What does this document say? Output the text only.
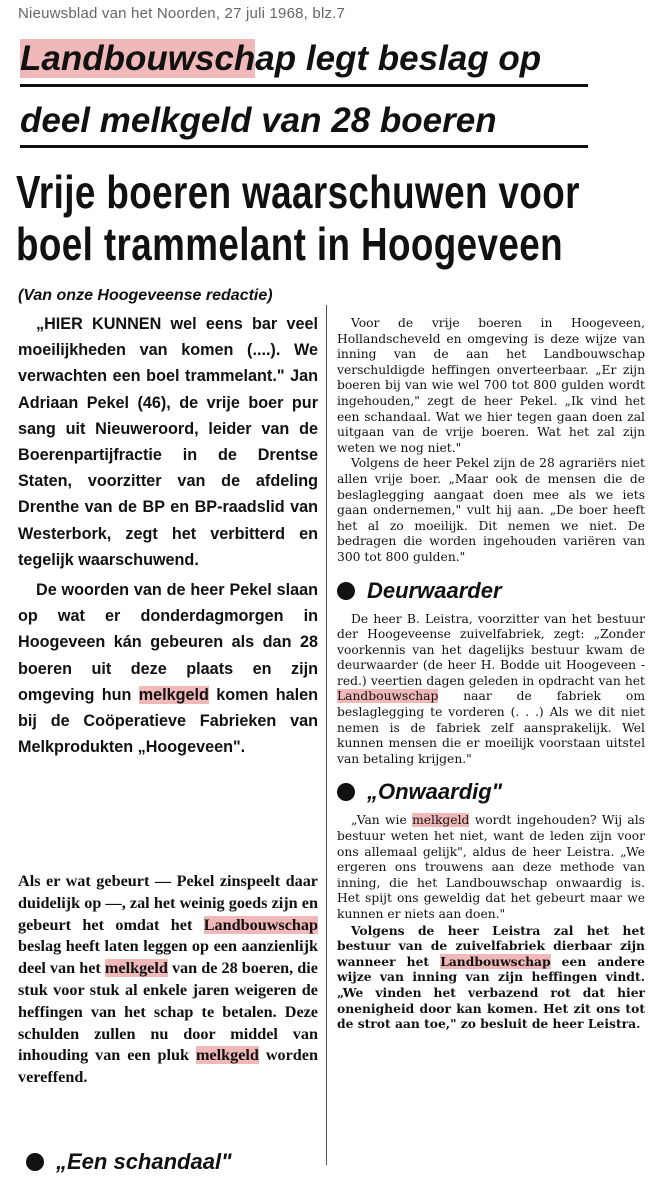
Nieuwsblad van het Noorden, 27 juli 1968, blz.7
Landbouwschap legt beslag op
deel melkgeld van 28 boeren
Vrije boeren waarschuwen voor
boel trammelant in Hoogeveen
(Van onze Hoogeveense redactie)

„HIER KUNNEN wel eens bar veel moeilijkheden van komen (....). We verwachten een boel trammelant." Jan Adriaan Pekel (46), de vrije boer pur sang uit Nieuweroord, leider van de Boerenpartijfractie in de Drentse Staten, voorzitter van de afdeling Drenthe van de BP en BP-raadslid van Westerbork, zegt het verbitterd en tegelijk waarschuwend.

De woorden van de heer Pekel slaan op wat er donderdagmorgen in Hoogeveen kán gebeuren als dan 28 boeren uit deze plaats en zijn omgeving hun melkgeld komen halen bij de Coöperatieve Fabrieken van Melkprodukten „Hoogeveen".

Als er wat gebeurt — Pekel zinspeelt daar duidelijk op —, zal het weinig goeds zijn en gebeurt het omdat het Landbouwschap beslag heeft laten leggen op een aanzienlijk deel van het melkgeld van de 28 boeren, die stuk voor stuk al enkele jaren weigeren de heffingen van het schap te betalen. Deze schulden zullen nu door middel van inhouding van een pluk melkgeld worden vereffend.

„Een schandaal"

Voor de vrije boeren in Hoogeveen, Hollandscheveld en omgeving is deze wijze van inning van de aan het Landbouwschap verschuldigde heffingen onverteerbaar. „Er zijn boeren bij van wie wel 700 tot 800 gulden wordt ingehouden," zegt de heer Pekel. „Ik vind het een schandaal. Wat we hier tegen gaan doen zal uitgaan van de vrije boeren. Wat het zal zijn weten we nog niet."

Volgens de heer Pekel zijn de 28 agrariërs niet allen vrije boer. „Maar ook de mensen die de beslaglegging aangaat doen mee als we iets gaan ondernemen," vult hij aan. „De boer heeft het al zo moeilijk. Dit nemen we niet. De bedragen die worden ingehouden variëren van 300 tot 800 gulden."

Deurwaarder

De heer B. Leistra, voorzitter van het bestuur der Hoogeveense zuivelfabriek, zegt: „Zonder voorkennis van het dagelijks bestuur kwam de deurwaarder (de heer H. Bodde uit Hoogeveen - red.) veertien dagen geleden in opdracht van het Landbouwschap naar de fabriek om beslaglegging te vorderen (. . .) Als we dit niet nemen is de fabriek zelf aansprakelijk. Wel kunnen mensen die er moeilijk voorstaan uitstel van betaling krijgen."

„Onwaardig"

„Van wie melkgeld wordt ingehouden? Wij als bestuur weten het niet, want de leden zijn voor ons allemaal gelijk", aldus de heer Leistra. „We ergeren ons trouwens aan deze methode van inning, die het Landbouwschap onwaardig is. Het spijt ons geweldig dat het gebeurt maar we kunnen er niets aan doen."

Volgens de heer Leistra zal het het bestuur van de zuivelfabriek dierbaar zijn wanneer het Landbouwschap een andere wijze van inning van zijn heffingen vindt. „We vinden het verbazend rot dat hier onenigheid door kan komen. Het zit ons tot de strot aan toe," zo besluit de heer Leistra.
